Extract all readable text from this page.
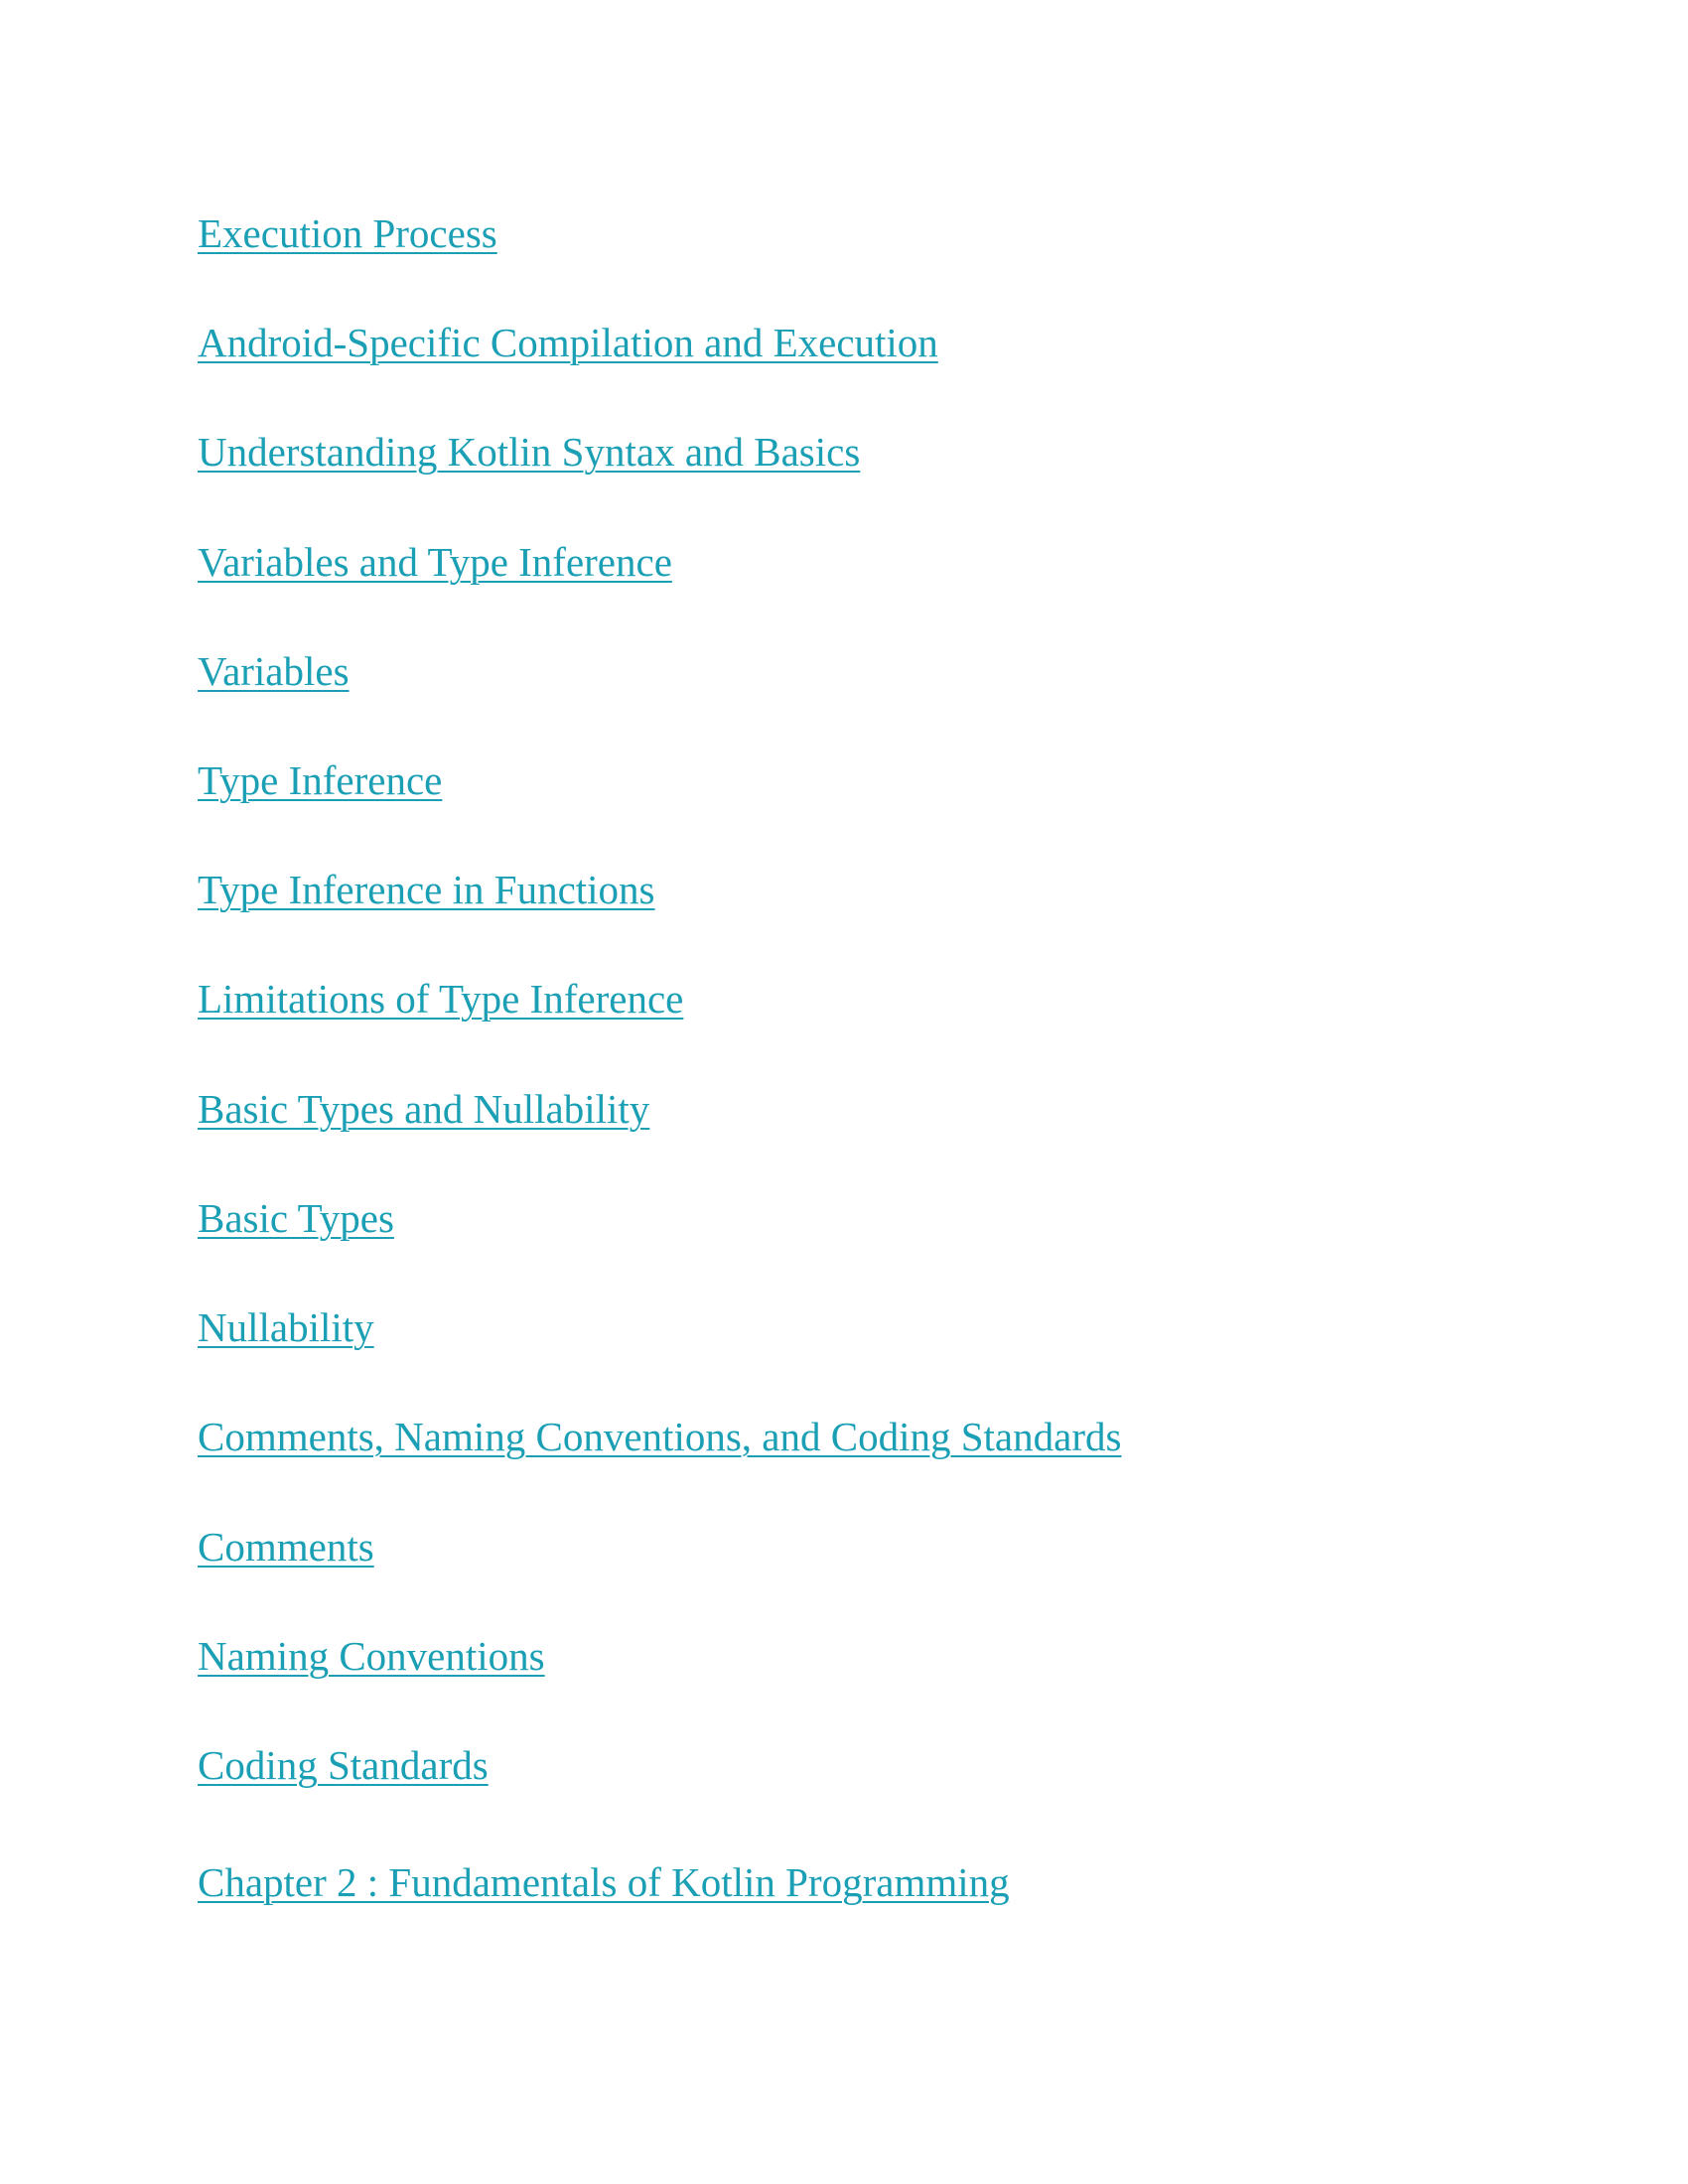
Execution Process
Android-Specific Compilation and Execution
Understanding Kotlin Syntax and Basics
Variables and Type Inference
Variables
Type Inference
Type Inference in Functions
Limitations of Type Inference
Basic Types and Nullability
Basic Types
Nullability
Comments, Naming Conventions, and Coding Standards
Comments
Naming Conventions
Coding Standards
Chapter 2 : Fundamentals of Kotlin Programming
